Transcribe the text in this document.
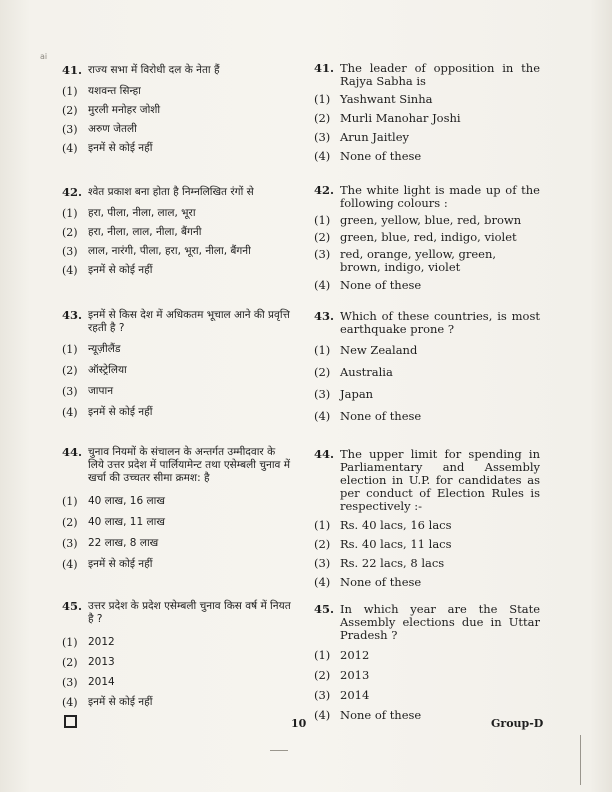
ai
41. राज्य सभा में विरोधी दल के नेता हैं
(1) यशवन्त सिन्हा
(2) मुरली मनोहर जोशी
(3) अरुण जेतली
(4) इनमें से कोई नहीं
42. श्वेत प्रकाश बना होता है निम्नलिखित रंगों से
(1) हरा, पीला, नीला, लाल, भूरा
(2) हरा, नीला, लाल, नीला, बैंगनी
(3) लाल, नारंगी, पीला, हरा, भूरा, नीला, बैंगनी
(4) इनमें से कोई नहीं
43. इनमें से किस देश में अधिकतम भूचाल आने की प्रवृत्ति रहती है ?
(1) न्यूज़ीलैंड
(2) ऑस्ट्रेलिया
(3) जापान
(4) इनमें से कोई नहीं
44. चुनाव नियमों के संचालन के अन्तर्गत उम्मीदवार के लिये उत्तर प्रदेश में पार्लियामेन्ट तथा एसेम्बली चुनाव में खर्चा की उच्चतर सीमा क्रमश: है
(1) 40 लाख, 16 लाख
(2) 40 लाख, 11 लाख
(3) 22 लाख, 8 लाख
(4) इनमें से कोई नहीं
45. उत्तर प्रदेश के प्रदेश एसेम्बली चुनाव किस वर्ष में नियत है ?
(1) 2012
(2) 2013
(3) 2014
(4) इनमें से कोई नहीं
41. The leader of opposition in the Rajya Sabha is
(1) Yashwant Sinha
(2) Murli Manohar Joshi
(3) Arun Jaitley
(4) None of these
42. The white light is made up of the following colours :
(1) green, yellow, blue, red, brown
(2) green, blue, red, indigo, violet
(3) red, orange, yellow, green, brown, indigo, violet
(4) None of these
43. Which of these countries, is most earthquake prone ?
(1) New Zealand
(2) Australia
(3) Japan
(4) None of these
44. The upper limit for spending in Parliamentary and Assembly election in U.P. for candidates as per conduct of Election Rules is respectively :-
(1) Rs. 40 lacs, 16 lacs
(2) Rs. 40 lacs, 11 lacs
(3) Rs. 22 lacs, 8 lacs
(4) None of these
45. In which year are the State Assembly elections due in Uttar Pradesh ?
(1) 2012
(2) 2013
(3) 2014
(4) None of these
10	Group-D
